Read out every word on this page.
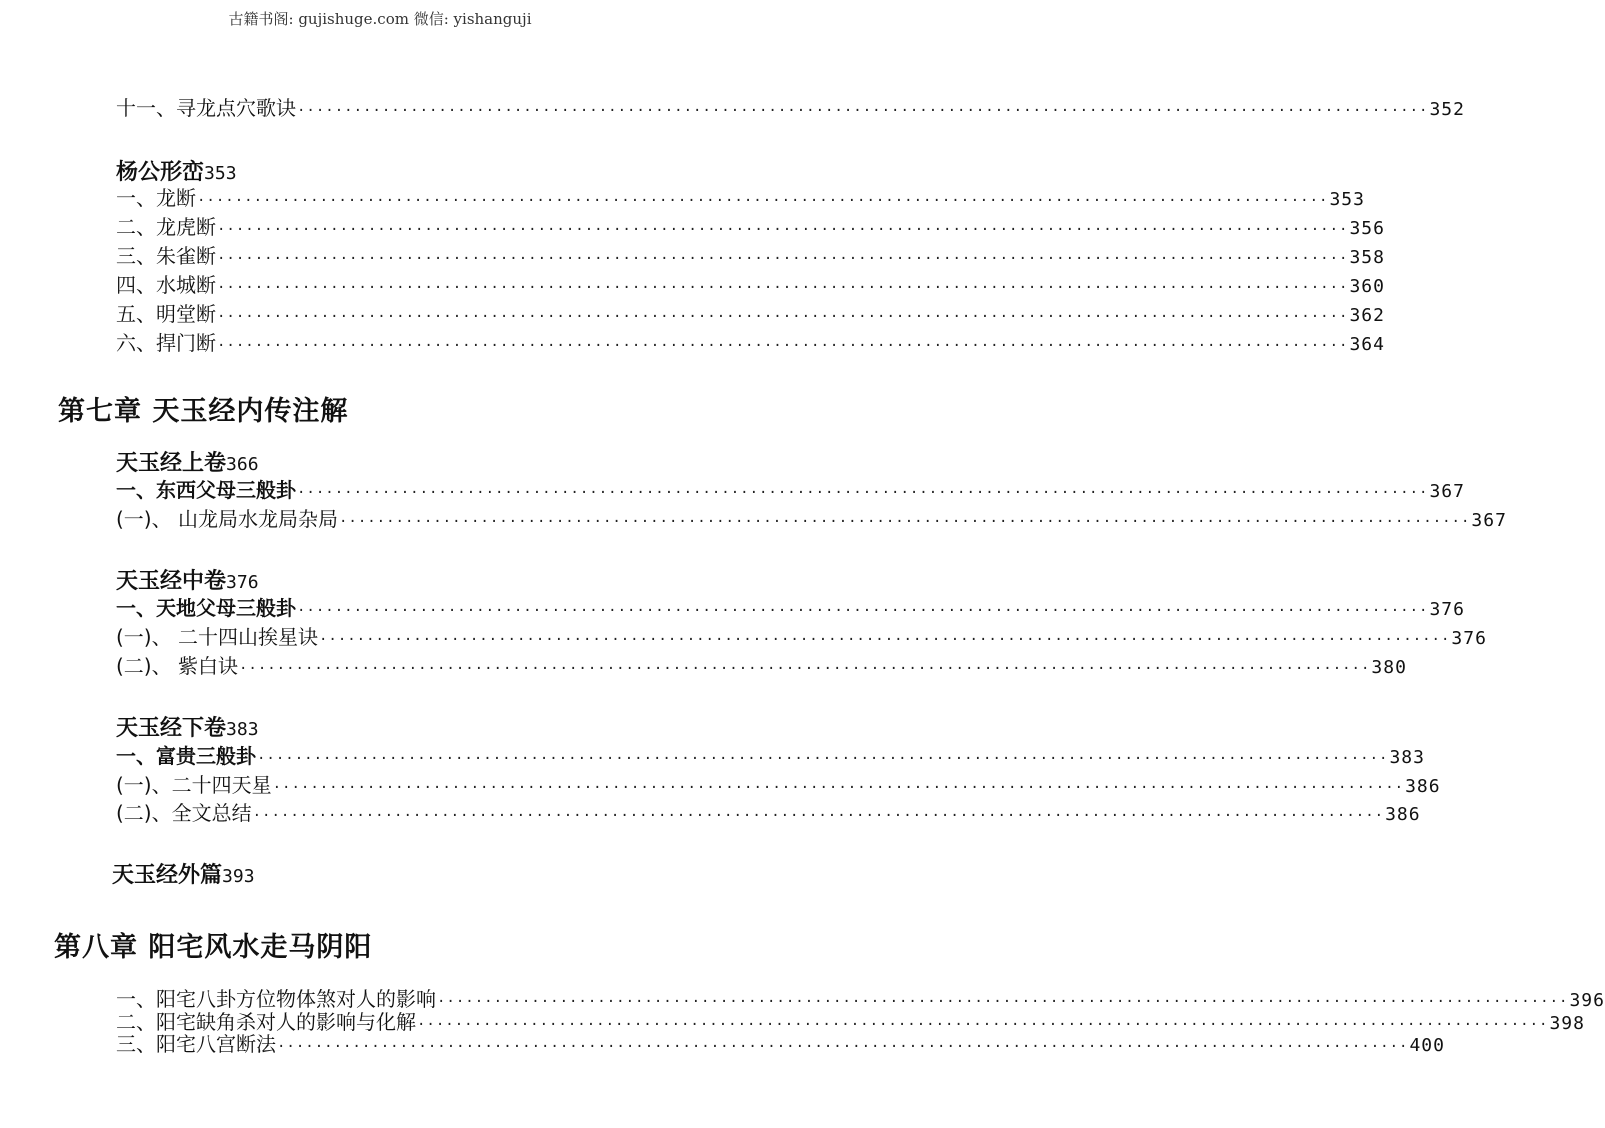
古籍书阁: gujishuge.com 微信: yishanguji
十一、寻龙点穴歌诀 ························································································································ 352
杨公形峦353
一、龙断 ························································································································ 353
二、龙虎断 ························································································································ 356
三、朱雀断 ························································································································ 358
四、水城断 ························································································································ 360
五、明堂断 ························································································································ 362
六、捍门断 ························································································································ 364
第七章 天玉经内传注解
天玉经上卷366
一、东西父母三般卦 ························································································································ 367
(一)、 山龙局水龙局杂局 ························································································································ 367
天玉经中卷376
一、天地父母三般卦 ························································································································ 376
(一)、 二十四山挨星诀 ························································································································ 376
(二)、 紫白诀 ························································································································ 380
天玉经下卷383
一、富贵三般卦 ························································································································ 383
(一)、二十四天星 ························································································································ 386
(二)、全文总结 ························································································································ 386
天玉经外篇393
第八章 阳宅风水走马阴阳
一、阳宅八卦方位物体煞对人的影响 ························································································································ 396
二、阳宅缺角杀对人的影响与化解 ························································································································ 398
三、阳宅八宫断法 ························································································································ 400
